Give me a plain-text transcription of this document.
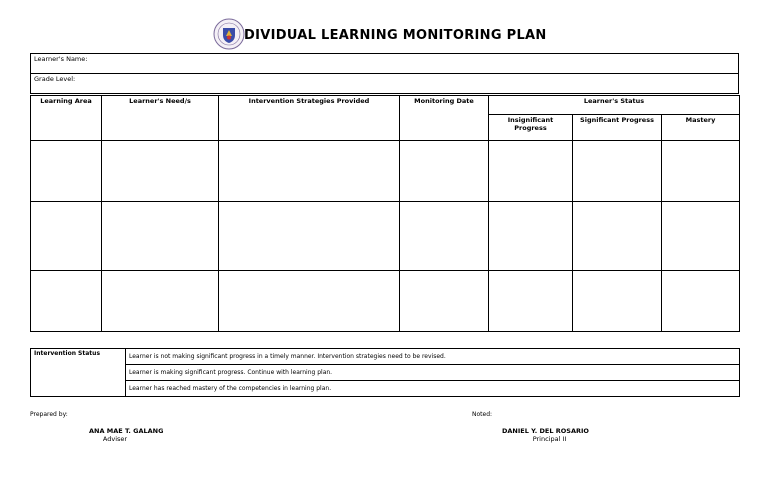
DIVIDUAL LEARNING MONITORING PLAN
Learner's Name:
Grade Level:
Learning Area	Learner's Need/s	Intervention Strategies Provided	Monitoring Date	Learner's Status		
				Insignificant Progress	Significant Progress	Mastery

Intervention Status	Learner is not making significant progress in a timely manner. Intervention strategies need to be revised.
Learner is making significant progress. Continue with learning plan.
Learner has reached mastery of the competencies in learning plan.
Prepared by:
ANA MAE T. GALANG
Adviser
Noted:
DANIEL Y. DEL ROSARIO
Principal II
